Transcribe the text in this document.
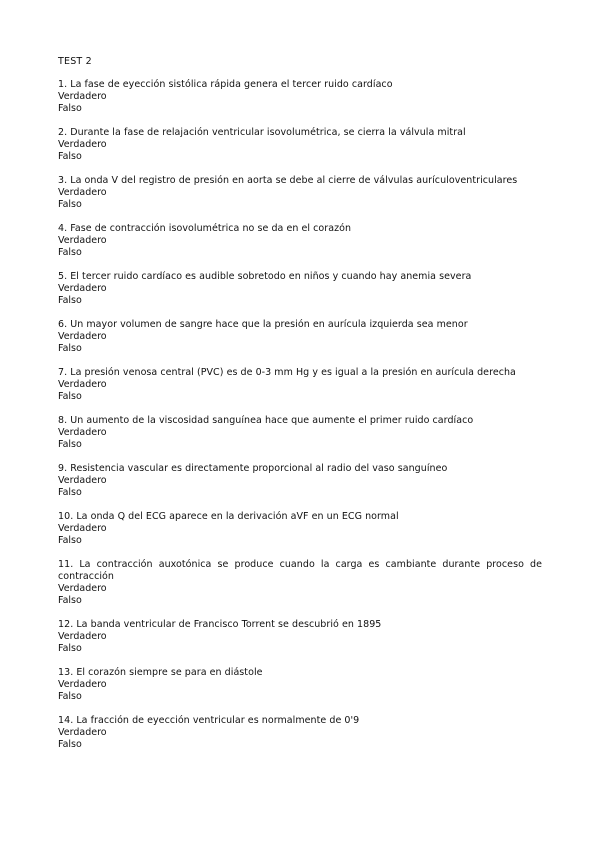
TEST 2
1. La fase de eyección sistólica rápida genera el tercer ruido cardíaco
Verdadero
Falso
2. Durante la fase de relajación ventricular isovolumétrica, se cierra la válvula mitral
Verdadero
Falso
3. La onda V del registro de presión en aorta se debe al cierre de válvulas aurículoventriculares
Verdadero
Falso
4. Fase de contracción isovolumétrica no se da en el corazón
Verdadero
Falso
5. El tercer ruido cardíaco es audible sobretodo en niños y cuando hay anemia severa
Verdadero
Falso
6. Un mayor volumen de sangre hace que la presión en aurícula izquierda sea menor
Verdadero
Falso
7. La presión venosa central (PVC) es de 0-3 mm Hg y es igual a la presión en aurícula derecha
Verdadero
Falso
8. Un aumento de la viscosidad sanguínea hace que aumente el primer ruido cardíaco
Verdadero
Falso
9. Resistencia vascular es directamente proporcional al radio del vaso sanguíneo
Verdadero
Falso
10. La onda Q del ECG aparece en la derivación aVF en un ECG normal
Verdadero
Falso
11. La contracción auxotónica se produce cuando la carga es cambiante durante proceso de contracción
Verdadero
Falso
12. La banda ventricular de Francisco Torrent se descubrió en 1895
Verdadero
Falso
13. El corazón siempre se para en diástole
Verdadero
Falso
14. La fracción de eyección ventricular es normalmente de 0'9
Verdadero
Falso
